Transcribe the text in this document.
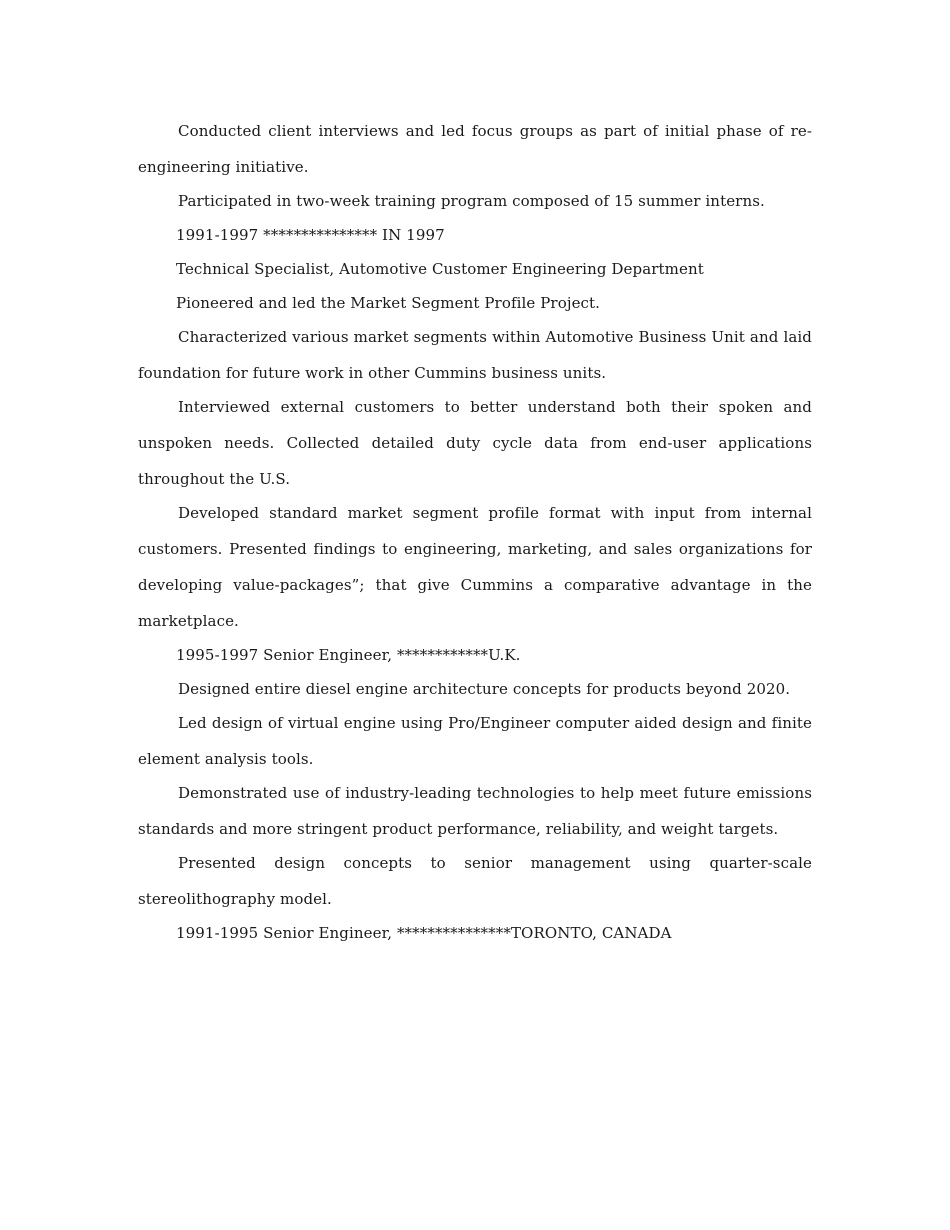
Conducted client interviews and led focus groups as part of initial phase of re-engineering initiative.

Participated in two-week training program composed of 15 summer interns.

1991-1997 *************** IN 1997

Technical Specialist, Automotive Customer Engineering Department

Pioneered and led the Market Segment Profile Project.

Characterized various market segments within Automotive Business Unit and laid foundation for future work in other Cummins business units.

Interviewed external customers to better understand both their spoken and unspoken needs. Collected detailed duty cycle data from end-user applications throughout the U.S.

Developed standard market segment profile format with input from internal customers. Presented findings to engineering, marketing, and sales organizations for developing value-packages”; that give Cummins a comparative advantage in the marketplace.

1995-1997 Senior Engineer, ************U.K.

Designed entire diesel engine architecture concepts for products beyond 2020.

Led design of virtual engine using Pro/Engineer computer aided design and finite element analysis tools.

Demonstrated use of industry-leading technologies to help meet future emissions standards and more stringent product performance, reliability, and weight targets.

Presented design concepts to senior management using quarter-scale stereolithography model.

1991-1995 Senior Engineer, ***************TORONTO, CANADA
